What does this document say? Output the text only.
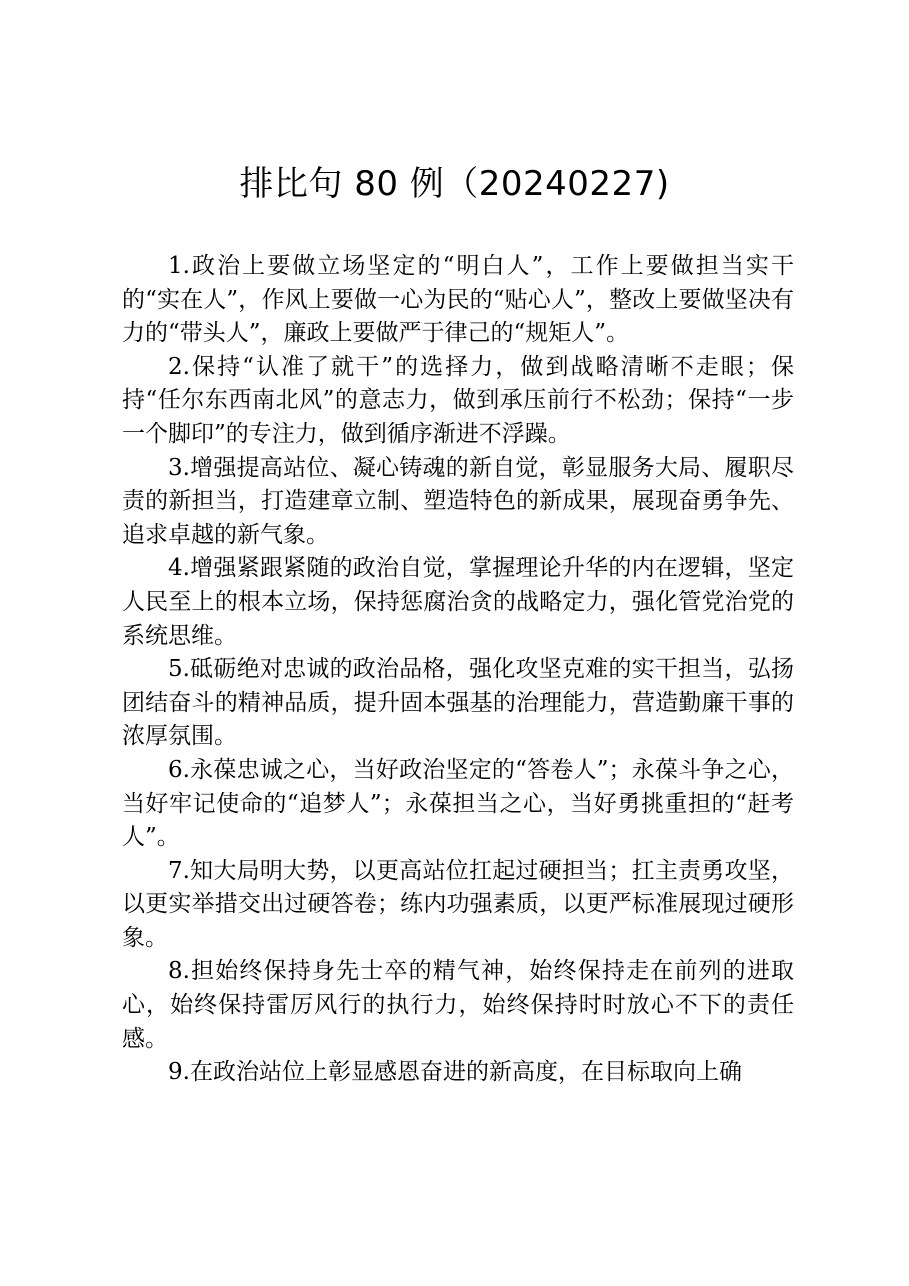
排比句 80 例（20240227)

1.政治上要做立场坚定的“明白人”，工作上要做担当实干的“实在人”，作风上要做一心为民的“贴心人”，整改上要做坚决有力的“带头人”，廉政上要做严于律己的“规矩人”。

2.保持“认准了就干”的选择力，做到战略清晰不走眼；保持“任尔东西南北风”的意志力，做到承压前行不松劲；保持“一步一个脚印”的专注力，做到循序渐进不浮躁。

3.增强提高站位、凝心铸魂的新自觉，彰显服务大局、履职尽责的新担当，打造建章立制、塑造特色的新成果，展现奋勇争先、追求卓越的新气象。

4.增强紧跟紧随的政治自觉，掌握理论升华的内在逻辑，坚定人民至上的根本立场，保持惩腐治贪的战略定力，强化管党治党的系统思维。

5.砥砺绝对忠诚的政治品格，强化攻坚克难的实干担当，弘扬团结奋斗的精神品质，提升固本强基的治理能力，营造勤廉干事的浓厚氛围。

6.永葆忠诚之心，当好政治坚定的“答卷人”；永葆斗争之心，当好牢记使命的“追梦人”；永葆担当之心，当好勇挑重担的“赶考人”。

7.知大局明大势，以更高站位扛起过硬担当；扛主责勇攻坚，以更实举措交出过硬答卷；练内功强素质，以更严标准展现过硬形象。

8.担始终保持身先士卒的精气神，始终保持走在前列的进取心，始终保持雷厉风行的执行力，始终保持时时放心不下的责任感。

9.在政治站位上彰显感恩奋进的新高度，在目标取向上确
